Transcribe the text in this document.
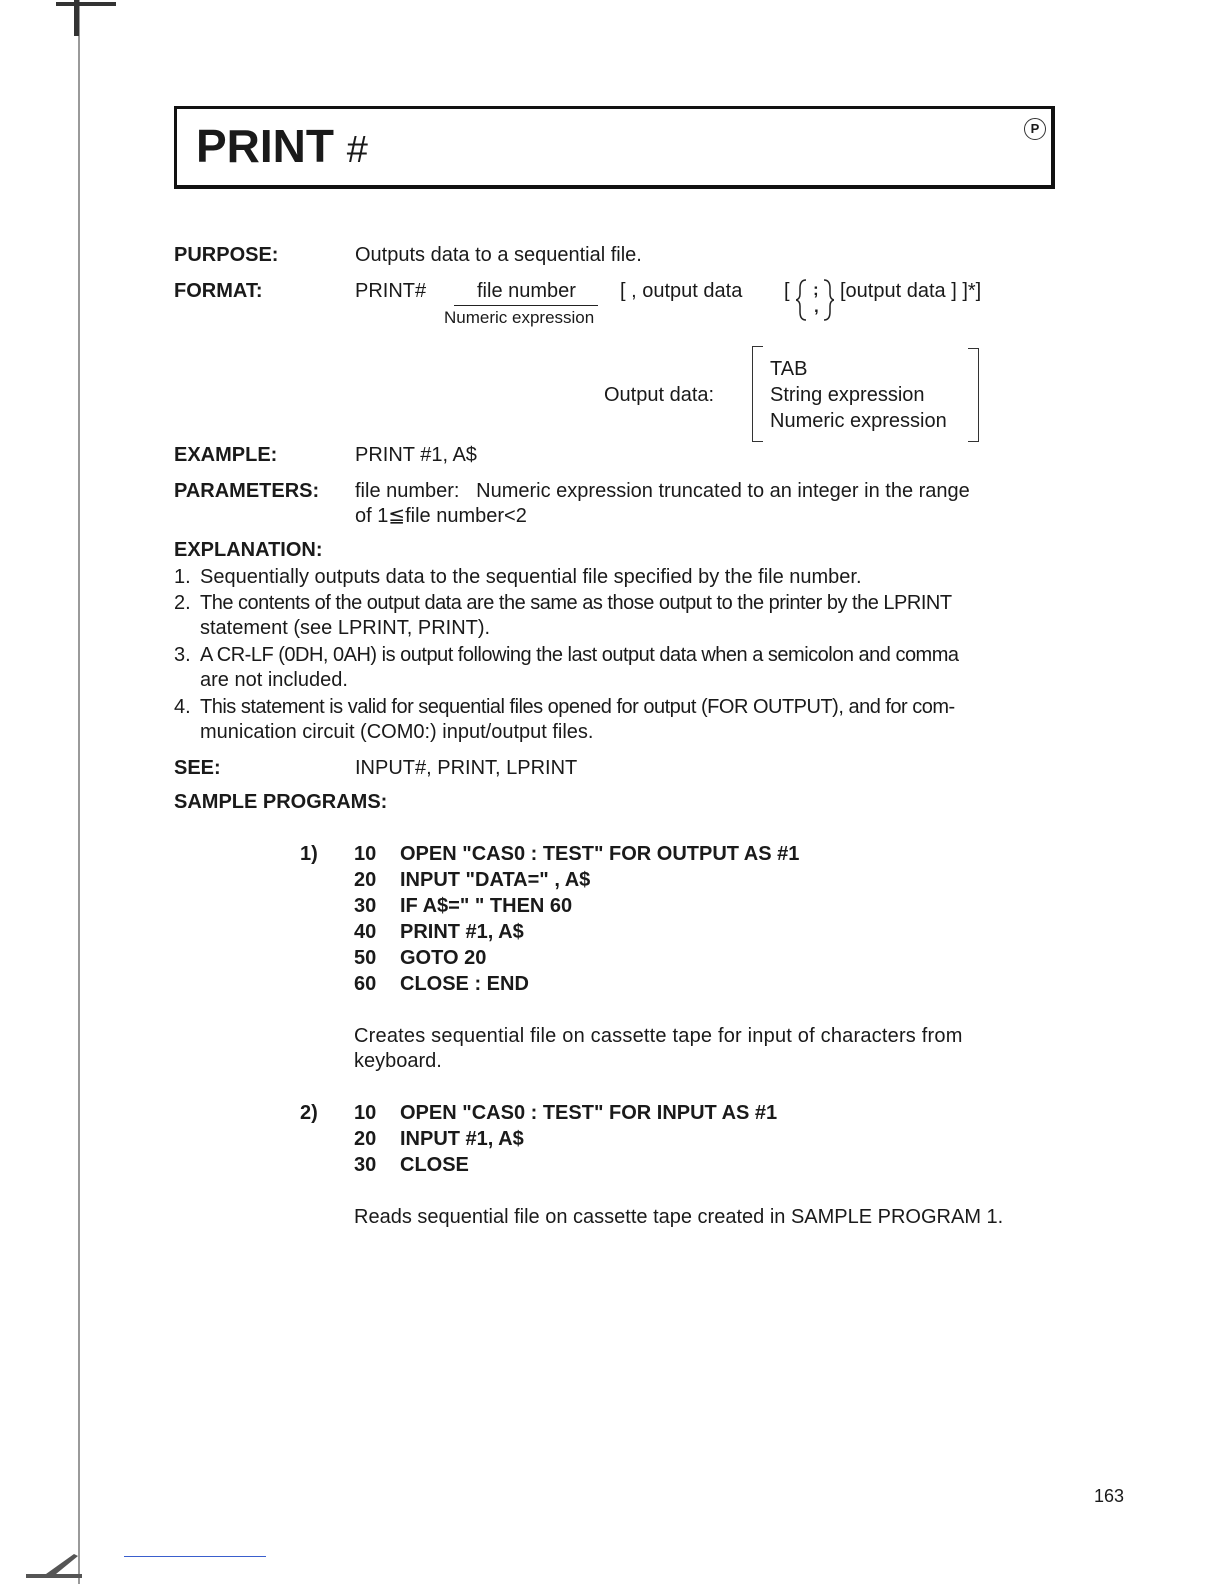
PRINT #
P
PURPOSE:	Outputs data to a sequential file.
FORMAT:	PRINT#	file number
Numeric expression
[ , output data [ ;
,
[output data ] ]*]
Output data:
TAB
String expression
Numeric expression
EXAMPLE:	PRINT #1, A$
PARAMETERS: file number:   Numeric expression truncated to an integer in the range
of 1≦file number<2
EXPLANATION:
1. Sequentially outputs data to the sequential file specified by the file number.
2. The contents of the output data are the same as those output to the printer by the LPRINT
statement (see LPRINT, PRINT).
3. A CR-LF (0DH, 0AH) is output following the last output data when a semicolon and comma
are not included.
4. This statement is valid for sequential files opened for output (FOR OUTPUT), and for com-
munication circuit (COM0:) input/output files.
SEE:	INPUT#, PRINT, LPRINT
SAMPLE PROGRAMS:
1) 10 OPEN "CAS0 : TEST" FOR OUTPUT AS #1
20 INPUT "DATA=" , A$
30 IF A$=" " THEN 60
40 PRINT #1, A$
50 GOTO 20
60 CLOSE : END
Creates sequential file on cassette tape for input of characters from
keyboard.
2) 10 OPEN "CAS0 : TEST" FOR INPUT AS #1
20 INPUT #1, A$
30 CLOSE
Reads sequential file on cassette tape created in SAMPLE PROGRAM 1.
163
